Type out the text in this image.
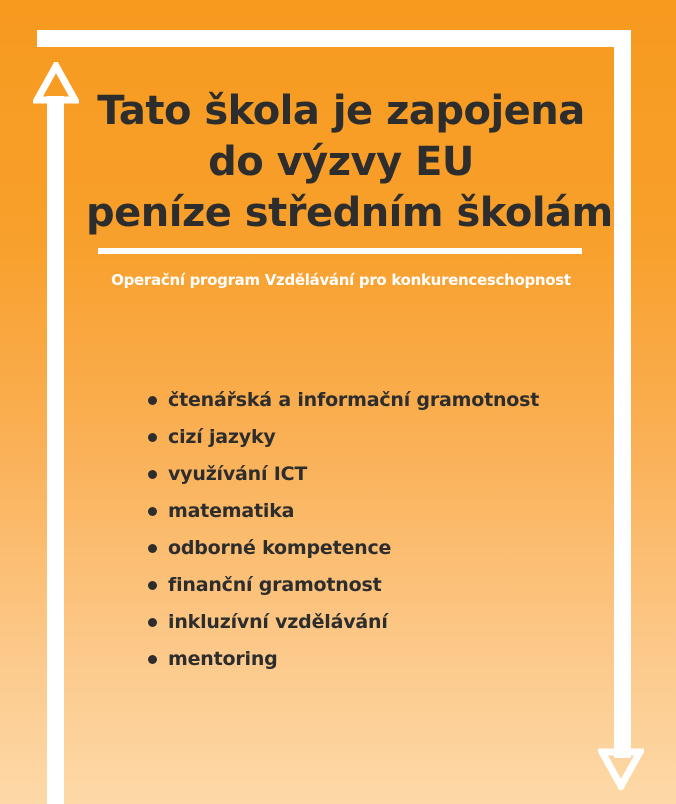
Tato škola je zapojena
do výzvy EU
peníze středním školám
Operační program Vzdělávání pro konkurenceschopnost
čtenářská a informační gramotnost
cizí jazyky
využívání ICT
matematika
odborné kompetence
finanční gramotnost
inkluzívní vzdělávání
mentoring
